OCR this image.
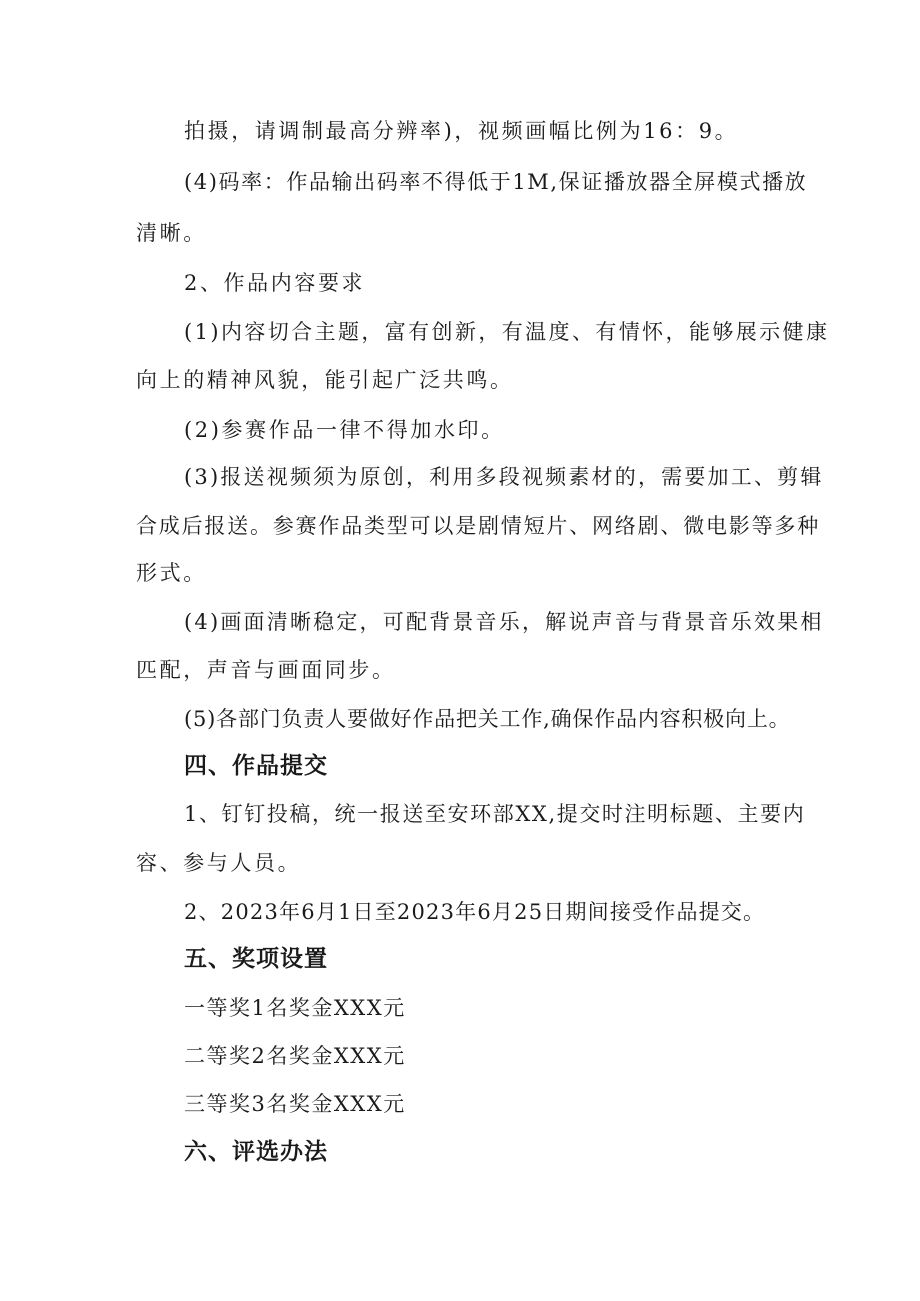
拍摄，请调制最高分辨率)，视频画幅比例为16：9。
(4)码率：作品输出码率不得低于1M,保证播放器全屏模式播放
清晰。
2、作品内容要求
(1)内容切合主题，富有创新，有温度、有情怀，能够展示健康
向上的精神风貌，能引起广泛共鸣。
(2)参赛作品一律不得加水印。
(3)报送视频须为原创，利用多段视频素材的，需要加工、剪辑
合成后报送。参赛作品类型可以是剧情短片、网络剧、微电影等多种
形式。
(4)画面清晰稳定，可配背景音乐，解说声音与背景音乐效果相
匹配，声音与画面同步。
(5)各部门负责人要做好作品把关工作,确保作品内容积极向上。
四、作品提交
1、钉钉投稿，统一报送至安环部XX,提交时注明标题、主要内
容、参与人员。
2、2023年6月1日至2023年6月25日期间接受作品提交。
五、奖项设置
一等奖1名奖金XXX元
二等奖2名奖金XXX元
三等奖3名奖金XXX元
六、评选办法
